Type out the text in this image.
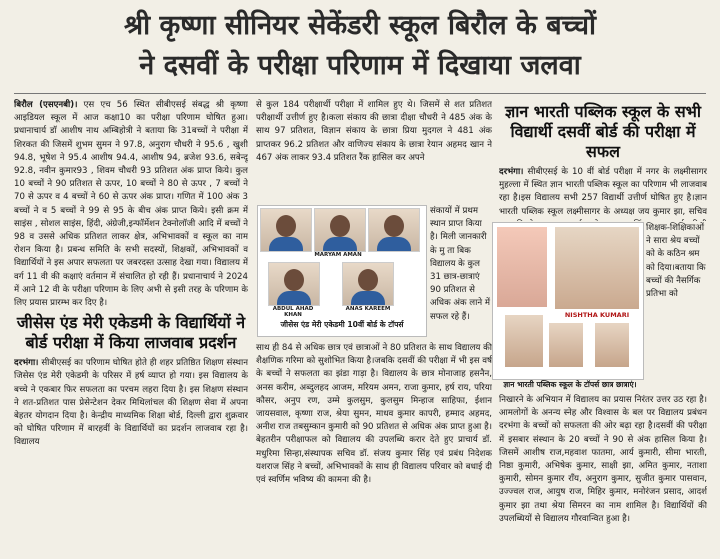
श्री कृष्णा सीनियर सेकेंडरी स्कूल बिरौल के बच्चों
ने दसवीं के परीक्षा परिणाम में दिखाया जलवा

बिरौल (एसएनबी)। एस एच 56 स्थित सीबीएसई संबद्ध श्री कृष्णा आइडियल स्कूल में आज कक्षा10 का परीक्षा परिणाम घोषित हुआ। प्रधानाचार्य डॉ आशीष नाथ अम्बिहोत्री ने बताया कि 31बच्चों ने परीक्षा में शिरकत की जिसमें शुभम सुमन ने 97.8, अनुराग चौधरी ने 95.6 , खुशी 94.8, भूषेश ने 95.4 आशीष 94.4, आशीष 94, ब्रजेश 93.6, सबेन्दू 92.8, नवीन कुमार93 , शिवम चौधरी 93 प्रतिशत अंक प्राप्त किये। कुल 10 बच्चों ने 90 प्रतिशत से ऊपर, 10 बच्चों ने 80 से ऊपर , 7 बच्चों ने 70 से ऊपर व 4 बच्चों ने 60 से ऊपर अंक प्राप्त। गणित में 100 अंक 3 बच्चों ने व 5 बच्चों ने 99 से 95 के बीच अंक प्राप्त किये। इसी क्रम में साइंस , सोशल साइंस, हिंदी, अंग्रेजी,इन्फॉर्मेशन टेक्नोलॉजी आदि में बच्चों ने 98 व उससे अधिक प्रतिशत लाकर क्षेत्र, अभिभावकों व स्कूल का नाम रोशन किया है। प्रबन्ध समिति के सभी सदस्यों, शिक्षकों, अभिभावकों व विद्यार्थियों ने इस अपार सफलता पर जबरदस्त उत्साह देखा गया। विद्यालय में वर्ग 11 वी की कक्षाएं वर्तमान में संचालित हो रही हैं। प्रधानाचार्य ने 2024 में आने 12 वी के परीक्षा परिणाम के लिए अभी से इसी तरह के परिणाम के लिए प्रयास प्रारम्भ कर दिए है।

जीसेस एंड मेरी एकेडमी के विद्यार्थियों ने बोर्ड परीक्षा में किया लाजवाब प्रदर्शन

दरभंगा। सीबीएसई का परिणाम घोषित होते ही शहर प्रतिष्ठित शिक्षण संस्थान जिसेस एंड मेरी एकेडमी के परिसर में हर्ष व्याप्त हो गया। इस विद्यालय के बच्चे ने एकबार फिर सफलता का परचम लहरा दिया है। इस शिक्षण संस्थान ने शत-प्रतिशत पास प्रेसेन्टेशन देकर मिथिलांचल की शिक्षण सेवा में अपना बेहतर योगदान दिया है। केन्द्रीय माध्यमिक शिक्षा बोर्ड, दिल्ली द्वारा शुक्रवार को घोषित परिणाम में बारहवीं के विद्यार्थियों का प्रदर्शन लाजवाब रहा है।विद्यालय

से कुल 184 परीक्षार्थी परीक्षा में शामिल हुए थे। जिसमें से शत प्रतिशत परीक्षार्थी उत्तीर्ण हुए है।कला संकाय की छात्रा दीक्षा चौधरी ने 485 अंक के साथ 97 प्रतिशत, विज्ञान संकाय के छात्रा प्रिया मुदगल ने 481 अंक प्राप्तकर 96.2 प्रतिशत और वाणिज्य संकाय के छात्रा रेयान अहमद खान ने 467 अंक लाकर 93.4 प्रतिशत रैंक हासिल कर अपने

MARYAM AMAN
ABDUL AHAD KHAN
ANAS KAREEM
जीसेस एंड मेरी एकेडमी 10वीं बोर्ड के टॉपर्स

संकायों में प्रथम स्थान प्राप्त किया है। मिली जानकारी के मु ता बिक विद्यालय के कुल 31 छात्र-छात्राएं 90 प्रतिशत से अधिक अंक लाने में सफल रहे हैं।

साथ ही 84 से अधिक छात्र एवं छात्राओं ने 80 प्रतिशत के साथ विद्यालय की शैक्षणिक गरिमा को सुशोभित किया है।जबकि दसवीं की परीक्षा में भी इस वर्ष के बच्चों ने सफलता का झंडा गाड़ा है। विद्यालय के छात्र मोनाजाह हसनैन, अनस करीम, अब्दुलहद आजम, मरियम अमन, राजा कुमार, हर्ष राय, परिया कौसर, अनुप रण, उम्मे कुलसुम, कुलसुम मिन्हाज साहिफा, ईशान जायसवाल, कृष्णा राज, श्रेया सुमन, माधव कुमार कापरी, हम्माद अहमद, अनीश राज तबसुम्कान कुमारी को 90 प्रतिशत से अधिक अंक प्राप्त हुआ है। बेहतरीन परीक्षाफल को विद्यालय की उपलब्धि करार देते हुए प्राचार्य डॉ. मधुरिमा सिन्हा,संस्थापक सचिव डॉ. संजय कुमार सिंह एवं प्रबंध निदेशक यशराज सिंह ने बच्चों, अभिभावकों के साथ ही विद्यालय परिवार को बधाई दी एवं स्वर्णिम भविष्य की कामना की है।

ज्ञान भारती पब्लिक स्कूल के सभी विद्यार्थी दसवीं बोर्ड की परीक्षा में सफल

दरभंगा। सीबीएसई के 10 वीं बोर्ड परीक्षा में नगर के लक्ष्मीसागर मुहल्ला में स्थित ज्ञान भारती पब्लिक स्कूल का परिणाम भी लाजवाब रहा है।इस विद्यालय सभी 257 विद्यार्थी उत्तीर्ण घोषित हुए है।ज्ञान भारती पब्लिक स्कूल लक्ष्मीसागर के अध्यक्ष जय कुमार झा, सचिव

NISHTHA KUMARI

शिक्षक-शिक्षिकाओं ने सारा श्रेय बच्चों को के कठिन श्रम को दिया।बताया कि बच्चों की नैसर्गिक प्रतिभा को

ज्ञान भारती पब्लिक स्कूल के टॉपर्स छात्र छात्राएं।

निखारने के अभियान में विद्यालय का प्रयास निरंतर उत्तर उठ रहा है। आमलोगों के अनन्य स्नेह और विश्वास के बल पर विद्यालय प्रबंधन दरभंगा के बच्चों को सफलता की ओर बढ़ा रहा है।दसवीं की परीक्षा में इसबार संस्थान के 20 बच्चों ने 90 से अंक हासिल किया है। जिसमें आशीष राज,महवाश फातमा, आर्य कुमारी, सीमा भारती, निष्ठा कुमारी, अभिषेक कुमार, साक्षी झा, अमित कुमार, नताशा कुमारी, सोमन कुमार राँय, अनुराग कुमार, सुजीत कुमार पासवान, उज्ज्वल राज, आयुष राज, मिहिर कुमार, मनोरंजन प्रसाद, आदर्श कुमार झा तथा श्रेया सिमरन का नाम शामिल है। विद्यार्थियों की उपलब्धियों से विद्यालय गौरवान्वित हुआ है।
